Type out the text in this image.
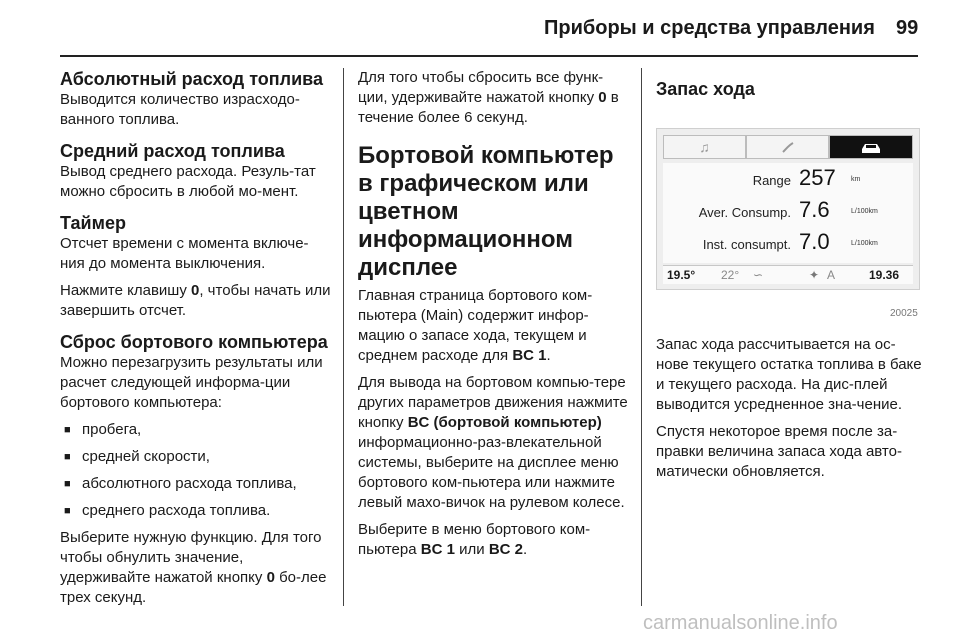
Приборы и средства управления 99
Абсолютный расход топлива

Выводится количество израсходо-ванного топлива.

Средний расход топлива

Вывод среднего расхода. Резуль-тат можно сбросить в любой мо-мент.

Таймер

Отсчет времени с момента включе-ния до момента выключения.

Нажмите клавишу 0, чтобы начать или завершить отсчет.

Сброс бортового компьютера

Можно перезагрузить результаты или расчет следующей информа-ции бортового компьютера:

■ пробега,
■ средней скорости,
■ абсолютного расхода топлива,
■ среднего расхода топлива.

Выберите нужную функцию. Для того чтобы обнулить значение, удерживайте нажатой кнопку 0 бо-лее трех секунд.

Для того чтобы сбросить все функ-ции, удерживайте нажатой кнопку 0 в течение более 6 секунд.

Бортовой компьютер в графическом или цветном информационном дисплее

Главная страница бортового ком-пьютера (Main) содержит инфор-мацию о запасе хода, текущем и среднем расходе для BC 1.

Для вывода на бортовом компью-тере других параметров движения нажмите кнопку BC (бортовой компьютер) информационно-раз-влекательной системы, выберите на дисплее меню бортового ком-пьютера или нажмите левый махо-вичок на рулевом колесе.

Выберите в меню бортового ком-пьютера BC 1 или BC 2.

Запас хода
♫
Range 257 km
Aver. Consump. 7.6	L/100km
Inst. consumpt. 7.0	L/100km
19.5° 22° ∽	✦ A	19.36
20025

Запас хода рассчитывается на ос-нове текущего остатка топлива в баке и текущего расхода. На дис-плей выводится усредненное зна-чение.

Спустя некоторое время после за-правки величина запаса хода авто-матически обновляется.

carmanualsonline.info
